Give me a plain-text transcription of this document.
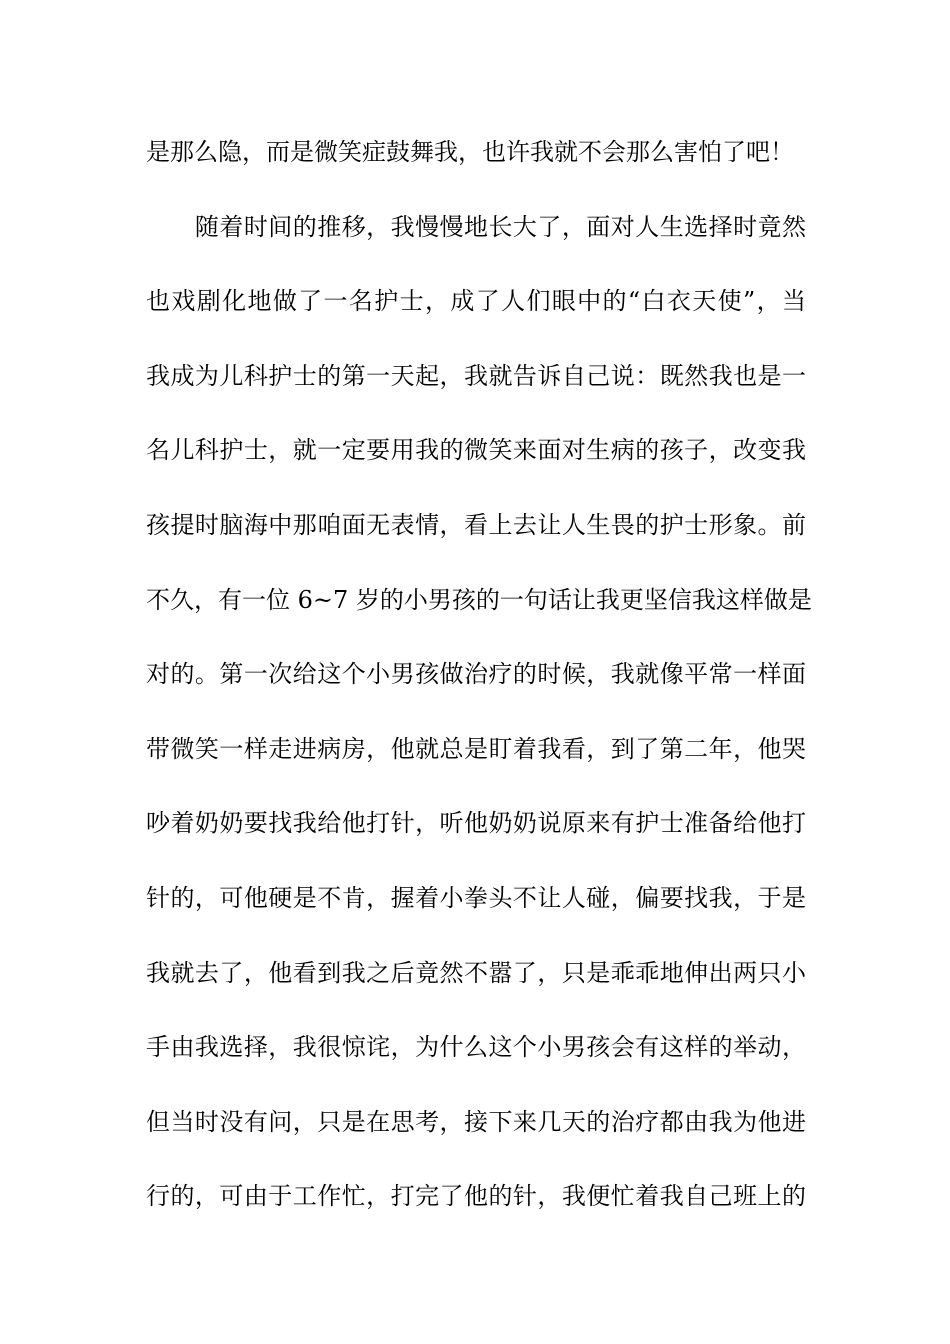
是那么隐，而是微笑症鼓舞我，也许我就不会那么害怕了吧！
　　随着时间的推移，我慢慢地长大了，面对人生选择时竟然
也戏剧化地做了一名护士，成了人们眼中的“白衣天使”，当
我成为儿科护士的第一天起，我就告诉自己说：既然我也是一
名儿科护士，就一定要用我的微笑来面对生病的孩子，改变我
孩提时脑海中那咱面无表情，看上去让人生畏的护士形象。前
不久，有一位 6~7 岁的小男孩的一句话让我更坚信我这样做是
对的。第一次给这个小男孩做治疗的时候，我就像平常一样面
带微笑一样走进病房，他就总是盯着我看，到了第二年，他哭
吵着奶奶要找我给他打针，听他奶奶说原来有护士准备给他打
针的，可他硬是不肯，握着小拳头不让人碰，偏要找我，于是
我就去了，他看到我之后竟然不嚣了，只是乖乖地伸出两只小
手由我选择，我很惊诧，为什么这个小男孩会有这样的举动，
但当时没有问，只是在思考，接下来几天的治疗都由我为他进
行的，可由于工作忙，打完了他的针，我便忙着我自己班上的
